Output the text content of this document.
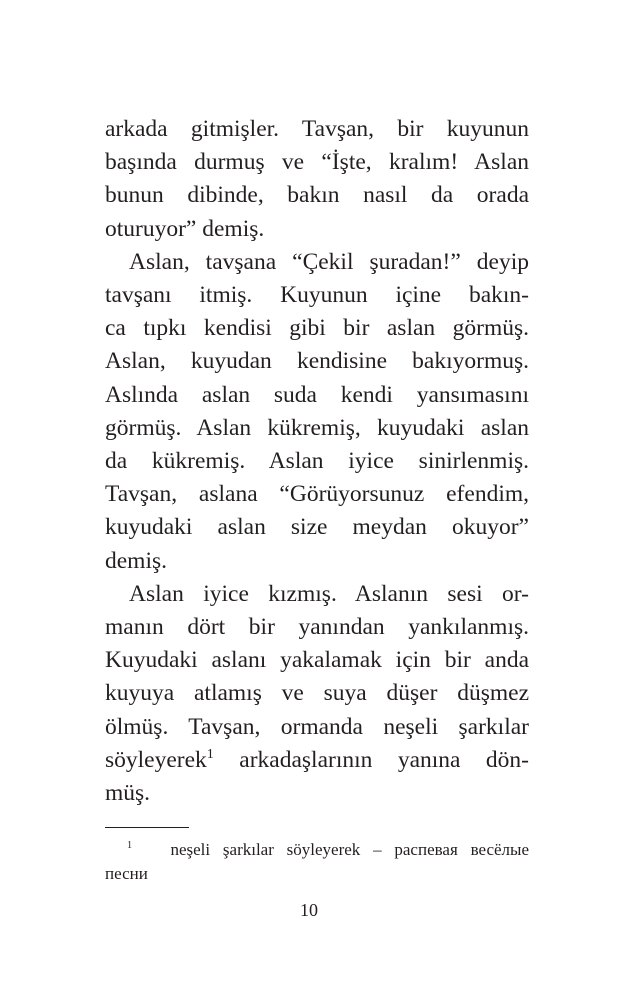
arkada gitmişler. Tavşan, bir kuyunun
başında durmuş ve “İşte, kralım! Aslan
bunun dibinde, bakın nasıl da orada
oturuyor” demiş.
Aslan, tavşana “Çekil şuradan!” deyip
tavşanı itmiş. Kuyunun içine bakın-
ca tıpkı kendisi gibi bir aslan görmüş.
Aslan, kuyudan kendisine bakıyormuş.
Aslında aslan suda kendi yansımasını
görmüş. Aslan kükremiş, kuyudaki aslan
da kükremiş. Aslan iyice sinirlenmiş.
Tavşan, aslana “Görüyorsunuz efendim,
kuyudaki aslan size meydan okuyor”
demiş.
Aslan iyice kızmış. Aslanın sesi or-
manın dört bir yanından yankılanmış.
Kuyudaki aslanı yakalamak için bir anda
kuyuya atlamış ve suya düşer düşmez
ölmüş. Tavşan, ormanda neşeli şarkılar
söyleyerek$^1$ arkadaşlarının yanına dön-
müş.
$^1$ neşeli şarkılar söyleyerek – распевая весёлые
песни
10
